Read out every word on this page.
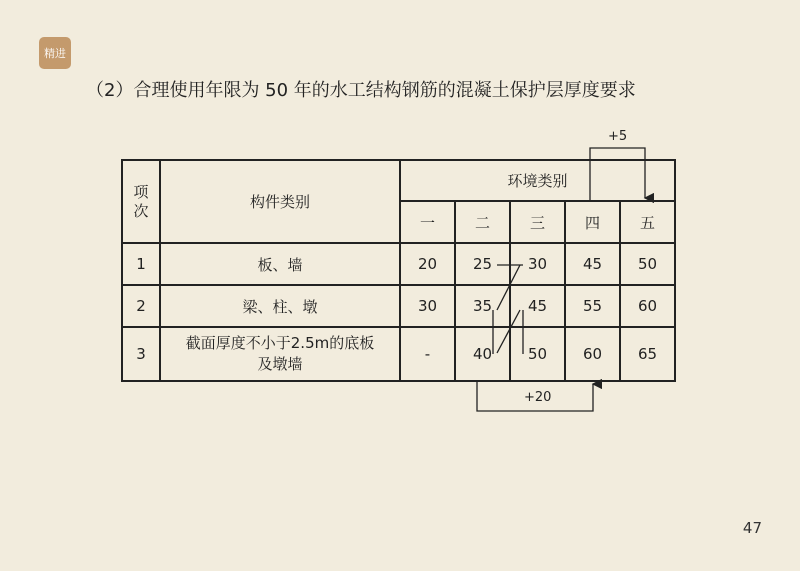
精进
（2）合理使用年限为 50 年的水工结构钢筋的混凝土保护层厚度要求
项
次	构件类别	环境类别				
		一	二	三	四	五
1	板、墙	20	25	30	45	50
2	梁、柱、墩	30	35	45	55	60
3	截面厚度不小于2.5m的底板
及墩墙	-	40	50	60	65
+5
+20
47
